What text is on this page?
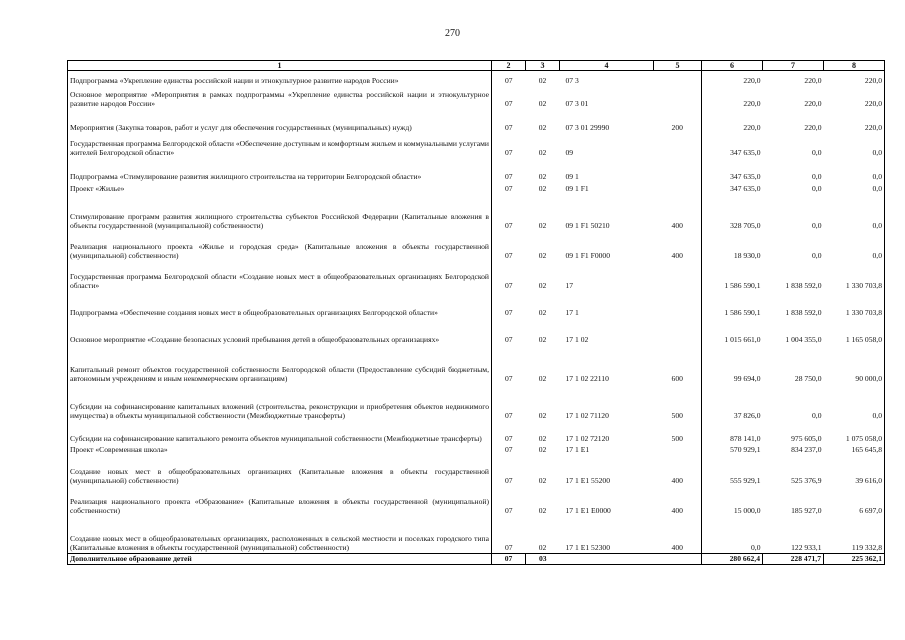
270
1	2	3	4	5	6	7	8
Подпрограмма «Укрепление единства российской нации и этнокультурное развитие народов России»	07	02	07 3		220,0	220,0	220,0
Основное мероприятие «Мероприятия в рамках подпрограммы «Укрепление единства российской нации и этнокультурное развитие народов России»	07	02	07 3 01		220,0	220,0	220,0
Мероприятия (Закупка товаров, работ и услуг для обеспечения государственных (муниципальных) нужд)	07	02	07 3 01 29990	200	220,0	220,0	220,0
Государственная программа Белгородской области «Обеспечение доступным и комфортным жильем и коммунальными услугами жителей Белгородской области»	07	02	09		347 635,0	0,0	0,0
Подпрограмма «Стимулирование развития жилищного строительства на территории Белгородской области»	07	02	09 1		347 635,0	0,0	0,0
Проект «Жилье»	07	02	09 1 F1		347 635,0	0,0	0,0
Стимулирование программ развития жилищного строительства субъектов Российской Федерации (Капитальные вложения в объекты государственной (муниципальной) собственности)	07	02	09 1 F1 50210	400	328 705,0	0,0	0,0
Реализация национального проекта «Жилье и городская среда» (Капитальные вложения в объекты государственной (муниципальной) собственности)	07	02	09 1 F1 F0000	400	18 930,0	0,0	0,0
Государственная программа Белгородской области «Создание новых мест в общеобразовательных организациях Белгородской области»	07	02	17		1 586 590,1	1 838 592,0	1 330 703,8
Подпрограмма «Обеспечение создания новых мест в общеобразовательных организациях Белгородской области»	07	02	17 1		1 586 590,1	1 838 592,0	1 330 703,8
Основное мероприятие «Создание безопасных условий пребывания детей в общеобразовательных организациях»	07	02	17 1 02		1 015 661,0	1 004 355,0	1 165 058,0
Капитальный ремонт объектов государственной собственности Белгородской области (Предоставление субсидий бюджетным, автономным учреждениям и иным некоммерческим организациям)	07	02	17 1 02 22110	600	99 694,0	28 750,0	90 000,0
Субсидии на софинансирование капитальных вложений (строительства, реконструкции и приобретения объектов недвижимого имущества) в объекты муниципальной собственности (Межбюджетные трансферты)	07	02	17 1 02 71120	500	37 826,0	0,0	0,0
Субсидии на софинансирование капитального ремонта объектов муниципальной собственности (Межбюджетные трансферты)	07	02	17 1 02 72120	500	878 141,0	975 605,0	1 075 058,0
Проект «Современная школа»	07	02	17 1 E1		570 929,1	834 237,0	165 645,8
Создание новых мест в общеобразовательных организациях (Капитальные вложения в объекты государственной (муниципальной) собственности)	07	02	17 1 E1 55200	400	555 929,1	525 376,9	39 616,0
Реализация национального проекта «Образование» (Капитальные вложения в объекты государственной (муниципальной) собственности)	07	02	17 1 E1 E0000	400	15 000,0	185 927,0	6 697,0
Создание новых мест в общеобразовательных организациях, расположенных в сельской местности и поселках городского типа (Капитальные вложения в объекты государственной (муниципальной) собственности)	07	02	17 1 E1 52300	400	0,0	122 933,1	119 332,8
Дополнительное образование детей	07	03			280 662,4	228 471,7	225 362,1
